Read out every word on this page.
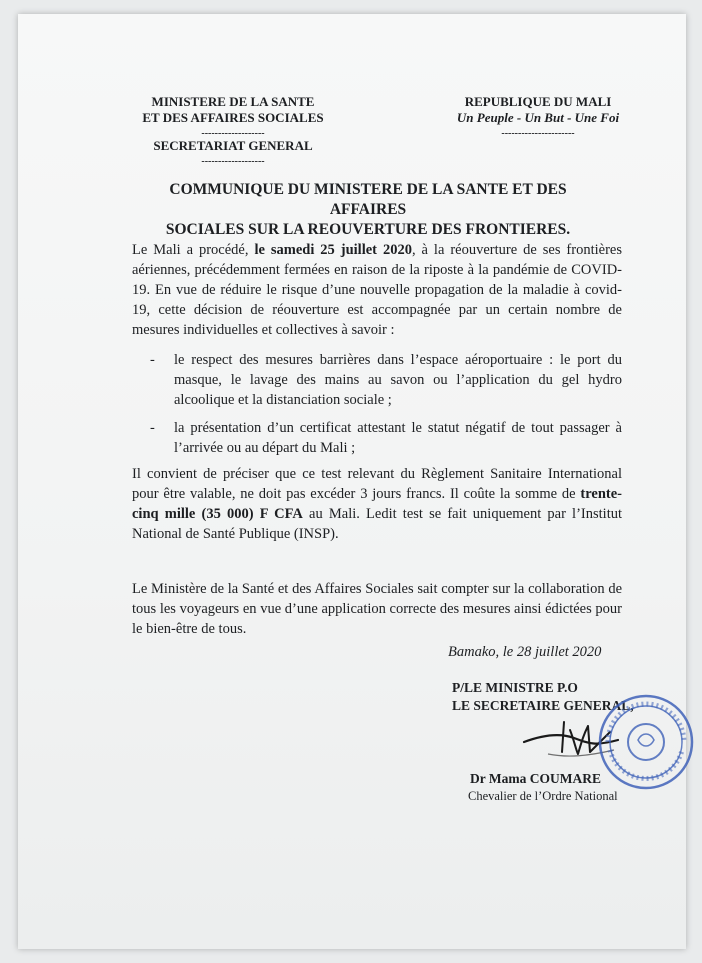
MINISTERE DE LA SANTE
ET DES AFFAIRES SOCIALES
-------------------
SECRETARIAT GENERAL
-------------------
REPUBLIQUE DU MALI
Un Peuple - Un But - Une Foi
----------------------
COMMUNIQUE DU MINISTERE DE LA SANTE ET DES AFFAIRES
SOCIALES SUR LA REOUVERTURE DES FRONTIERES.
Le Mali a procédé, le samedi 25 juillet 2020, à la réouverture de ses frontières aériennes, précédemment fermées en raison de la riposte à la pandémie de COVID-19. En vue de réduire le risque d’une nouvelle propagation de la maladie à covid-19, cette décision de réouverture est accompagnée par un certain nombre de mesures individuelles et collectives à savoir :
-	le respect des mesures barrières dans l’espace aéroportuaire : le port du masque, le lavage des mains au savon ou l’application du gel hydro alcoolique et la distanciation sociale ;
-	la présentation d’un certificat attestant le statut négatif de tout passager à l’arrivée ou au départ du Mali ;
Il convient de préciser que ce test relevant du Règlement Sanitaire International pour être valable, ne doit pas excéder 3 jours francs. Il coûte la somme de trente-cinq mille (35 000) F CFA au Mali. Ledit test se fait uniquement par l’Institut National de Santé Publique (INSP).
Le Ministère de la Santé et des Affaires Sociales sait compter sur la collaboration de tous les voyageurs en vue d’une application correcte des mesures ainsi édictées pour le bien-être de tous.
Bamako, le 28 juillet 2020
P/LE MINISTRE P.O
LE SECRETAIRE GENERAL,
Dr Mama COUMARE
Chevalier de l’Ordre National
